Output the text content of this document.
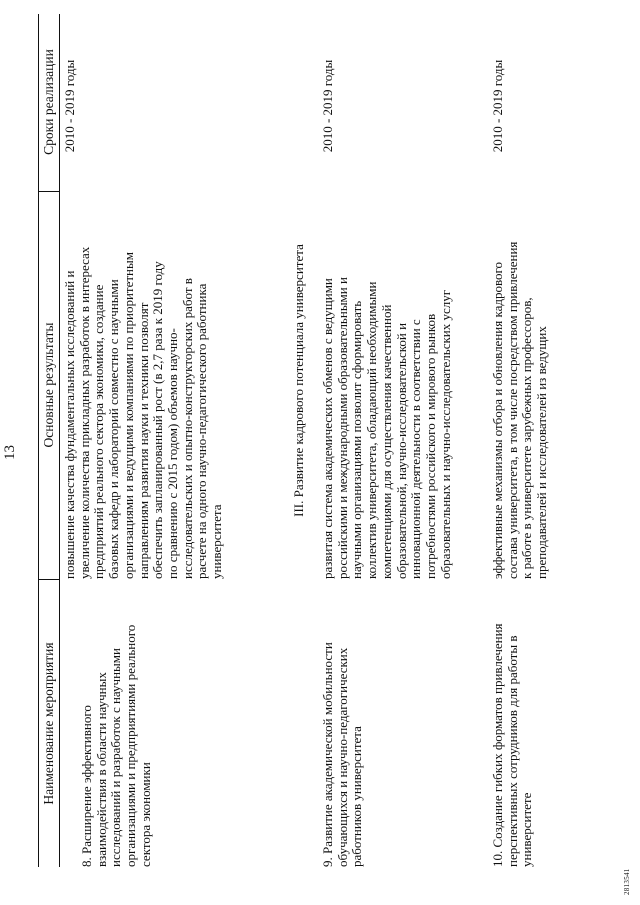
13
Наименование мероприятия
Основные результаты
Сроки реализации
8. Расширение эффективного взаимодействия в области научных исследований и разработок с научными организациями и предприятиями реального сектора экономики
повышение качества фундаментальных исследований и увеличение количества прикладных разработок в интересах предприятий реального сектора экономики, создание базовых кафедр и лабораторий совместно с научными организациями и ведущими компаниями по приоритетным направлениям развития науки и техники позволят обеспечить запланированный рост (в 2,7 раза к 2019 году по сравнению с 2015 годом) объемов научно- исследовательских и опытно-конструкторских работ в расчете на одного научно-педагогического работника университета
2010 - 2019 годы
III. Развитие кадрового потенциала университета
9. Развитие академической мобильности обучающихся и научно-педагогических работников университета
развитая система академических обменов с ведущими российскими и международными образовательными и научными организациями позволит сформировать коллектив университета, обладающий необходимыми компетенциями для осуществления качественной образовательной, научно-исследовательской и инновационной деятельности в соответствии с потребностями российского и мирового рынков образовательных и научно-исследовательских услуг
2010 - 2019 годы
10. Создание гибких форматов привлечения перспективных сотрудников для работы в университете
эффективные механизмы отбора и обновления кадрового состава университета, в том числе посредством привлечения к работе в университете зарубежных профессоров, преподавателей и исследователей из ведущих
2010 - 2019 годы
2813541
